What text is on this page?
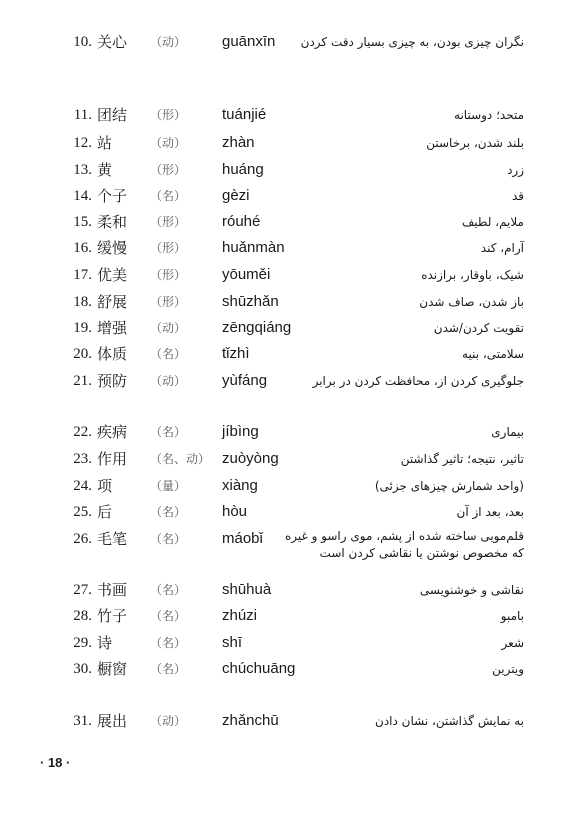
10. 关心	（动）	guānxīn	نگران چیزی بودن، به چیزی بسیار دقت کردن
11. 团结	（形）	tuánjié	متحد؛ دوستانه
12. 站	（动）	zhàn	بلند شدن، برخاستن
13. 黄	（形）	huáng	زرد
14. 个子	（名）	gèzi	قد
15. 柔和	（形）	róuhé	ملایم، لطیف
16. 缓慢	（形）	huǎnmàn	آرام، کند
17. 优美	（形）	yōuměi	شیک، باوقار، برازنده
18. 舒展	（形）	shūzhǎn	باز شدن، صاف شدن
19. 增强	（动）	zēngqiáng	تقویت کردن/شدن
20. 体质	（名）	tǐzhì	سلامتی، بنیه
21. 预防	（动）	yùfáng	جلوگیری کردن از، محافظت کردن در برابر
22. 疾病	（名）	jíbìng	بیماری
23. 作用	（名、动） zuòyòng	تاثیر، نتیجه؛ تاثیر گذاشتن
24. 项	（量）	xiàng	(واحد شمارش چیزهای جزئی)
25. 后	（名）	hòu	بعد، بعد از آن
26. 毛笔	（名）	máobǐ	قلم‌مویی ساخته شده از پشم، موی راسو و غیره که مخصوص نوشتن یا نقاشی کردن است
27. 书画	（名）	shūhuà	نقاشی و خوشنویسی
28. 竹子	（名）	zhúzi	بامبو
29. 诗	（名）	shī	شعر
30. 橱窗	（名）	chúchuāng	ویترین
31. 展出	（动）	zhǎnchū	به نمایش گذاشتن، نشان دادن
· 18 ·
